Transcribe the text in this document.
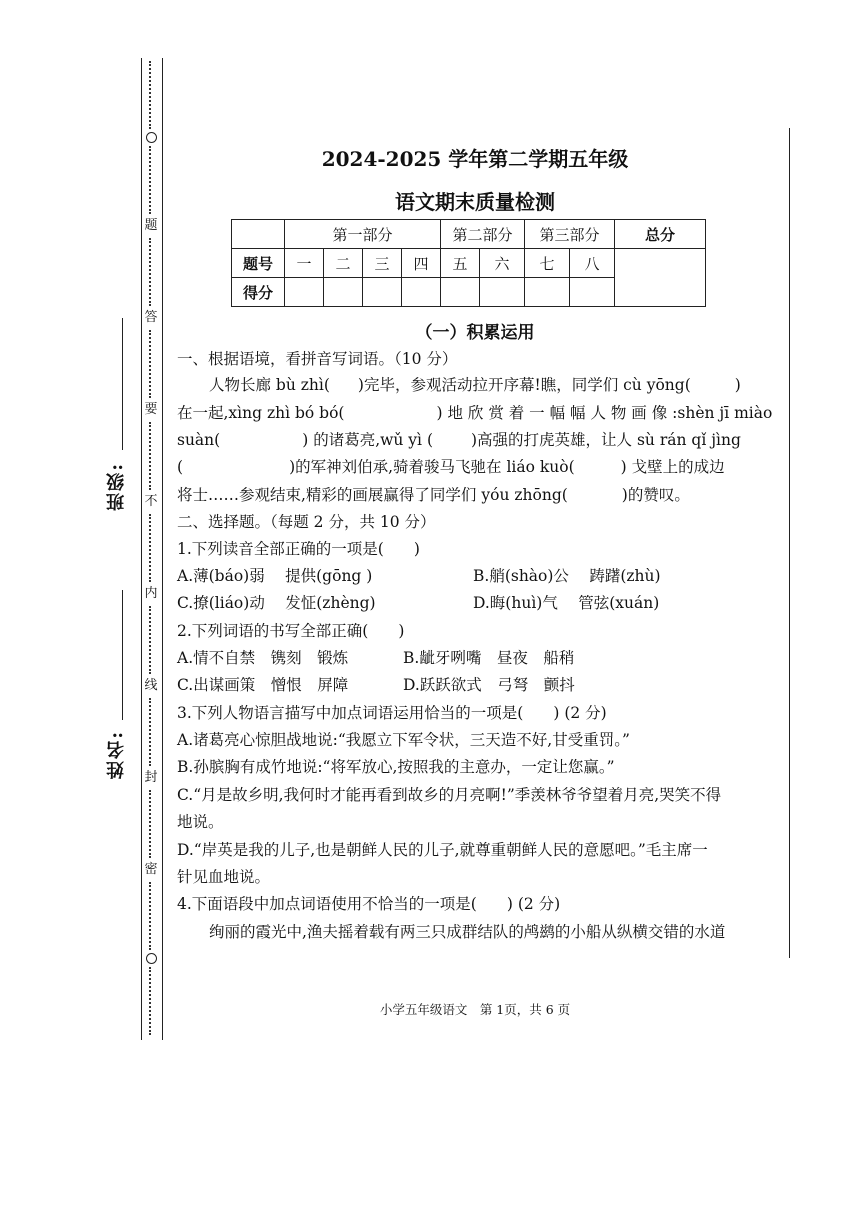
题
答
要
不
内
线
封
密
班级:
姓名:
2024-2025 学年第二学期五年级
语文期末质量检测
	第一部分				第二部分		第三部分		总分
题号	一	二	三	四	五	六	七	八	
得分									
（一）积累运用
一、根据语境，看拼音写词语。（10 分）
人物长廊 bù zhì( )完毕，参观活动拉开序幕!瞧，同学们 cù yōng(	)
在一起,xìng zhì bó bó(	) 地 欣 赏 着 一 幅 幅 人 物 画 像 :shèn jī miào
suàn(	) 的诸葛亮,wǔ yì ( )高强的打虎英雄，让人 sù rán qǐ jìng
(	)的军神刘伯承,骑着骏马飞驰在 liáo kuò(	) 戈壁上的成边
将士……参观结束,精彩的画展赢得了同学们 yóu zhōng(	)的赞叹。
二、选择题。（每题 2 分，共 10 分）
1.下列读音全部正确的一项是( )
A.薄(báo)弱　 提供(gōng )	B.艄(shào)公　 踌躇(zhù)
C.撩(liáo)动　 发怔(zhèng)	D.晦(huì)气　 管弦(xuán)
2.下列词语的书写全部正确( )
A.情不自禁　镌刻　锻炼	B.龇牙咧嘴　昼夜　船稍
C.出谋画策　憎恨　屏障	D.跃跃欲式　弓弩　颤抖
3.下列人物语言描写中加点词语运用恰当的一项是( ) (2 分)
A.诸葛亮心惊胆战地说:“我愿立下军令状，三天造不好,甘受重罚。”
B.孙膑胸有成竹地说:“将军放心,按照我的主意办，一定让您赢。”
C.“月是故乡明,我何时才能再看到故乡的月亮啊!”季羡林爷爷望着月亮,哭笑不得
地说。
D.“岸英是我的儿子,也是朝鲜人民的儿子,就尊重朝鲜人民的意愿吧。”毛主席一
针见血地说。
4.下面语段中加点词语使用不恰当的一项是( ) (2 分)
绚丽的霞光中,渔夫摇着载有两三只成群结队的鸬鹚的小船从纵横交错的水道
小学五年级语文　第 1页，共 6 页
